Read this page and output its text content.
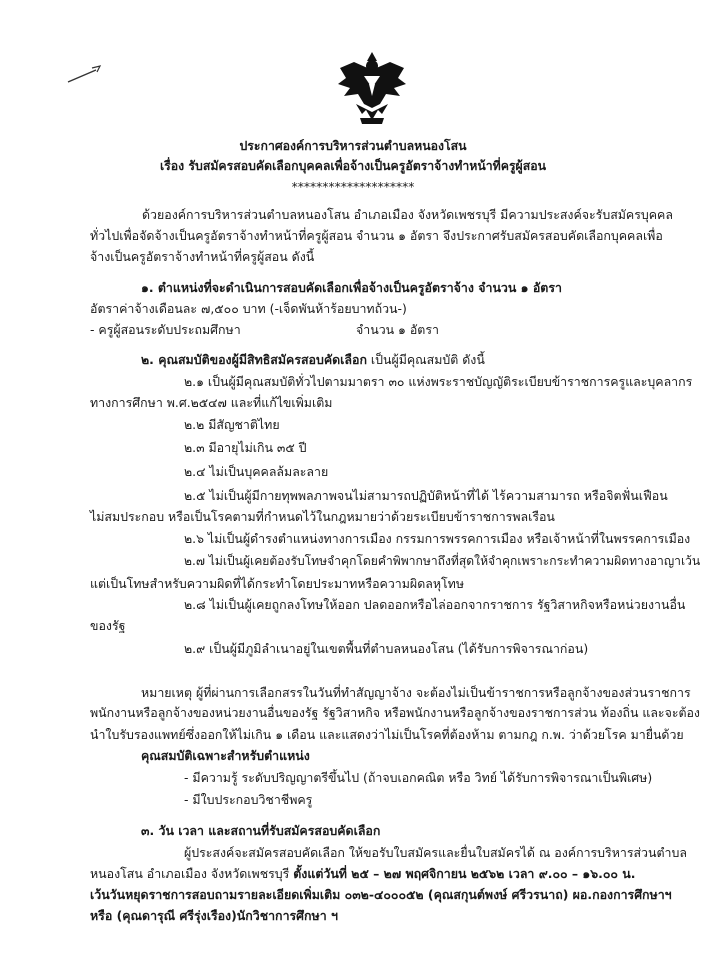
ประกาศองค์การบริหารส่วนตำบลหนองโสน
เรื่อง รับสมัครสอบคัดเลือกบุคคลเพื่อจ้างเป็นครูอัตราจ้างทำหน้าที่ครูผู้สอน
********************
ด้วยองค์การบริหารส่วนตำบลหนองโสน อำเภอเมือง จังหวัดเพชรบุรี มีความประสงค์จะรับสมัครบุคคล
ทั่วไปเพื่อจัดจ้างเป็นครูอัตราจ้างทำหน้าที่ครูผู้สอน จำนวน ๑ อัตรา จึงประกาศรับสมัครสอบคัดเลือกบุคคลเพื่อ
จ้างเป็นครูอัตราจ้างทำหน้าที่ครูผู้สอน ดังนี้
๑. ตำแหน่งที่จะดำเนินการสอบคัดเลือกเพื่อจ้างเป็นครูอัตราจ้าง จำนวน ๑ อัตรา
อัตราค่าจ้างเดือนละ ๗,๕๐๐ บาท (-เจ็ดพันห้าร้อยบาทถ้วน-)
- ครูผู้สอนระดับประถมศึกษา	จำนวน ๑ อัตรา
๒. คุณสมบัติของผู้มีสิทธิสมัครสอบคัดเลือก เป็นผู้มีคุณสมบัติ ดังนี้
๒.๑ เป็นผู้มีคุณสมบัติทั่วไปตามมาตรา ๓๐ แห่งพระราชบัญญัติระเบียบข้าราชการครูและบุคลากร
ทางการศึกษา พ.ศ.๒๕๔๗ และที่แก้ไขเพิ่มเติม
๒.๒ มีสัญชาติไทย
๒.๓ มีอายุไม่เกิน ๓๕ ปี
๒.๔ ไม่เป็นบุคคลล้มละลาย
๒.๕ ไม่เป็นผู้มีกายทุพพลภาพจนไม่สามารถปฏิบัติหน้าที่ได้ ไร้ความสามารถ หรือจิตฟั่นเฟือน
ไม่สมประกอบ หรือเป็นโรคตามที่กำหนดไว้ในกฎหมายว่าด้วยระเบียบข้าราชการพลเรือน
๒.๖ ไม่เป็นผู้ดำรงตำแหน่งทางการเมือง กรรมการพรรคการเมือง หรือเจ้าหน้าที่ในพรรคการเมือง
๒.๗ ไม่เป็นผู้เคยต้องรับโทษจำคุกโดยคำพิพากษาถึงที่สุดให้จำคุกเพราะกระทำความผิดทางอาญาเว้น
แต่เป็นโทษสำหรับความผิดที่ได้กระทำโดยประมาทหรือความผิดลหุโทษ
๒.๘ ไม่เป็นผู้เคยถูกลงโทษให้ออก ปลดออกหรือไล่ออกจากราชการ รัฐวิสาหกิจหรือหน่วยงานอื่น
ของรัฐ
๒.๙ เป็นผู้มีภูมิลำเนาอยู่ในเขตพื้นที่ตำบลหนองโสน (ได้รับการพิจารณาก่อน)
หมายเหตุ ผู้ที่ผ่านการเลือกสรรในวันที่ทำสัญญาจ้าง จะต้องไม่เป็นข้าราชการหรือลูกจ้างของส่วนราชการ
พนักงานหรือลูกจ้างของหน่วยงานอื่นของรัฐ รัฐวิสาหกิจ หรือพนักงานหรือลูกจ้างของราชการส่วน ท้องถิ่น และจะต้อง
นำใบรับรองแพทย์ซึ่งออกให้ไม่เกิน ๑ เดือน และแสดงว่าไม่เป็นโรคที่ต้องห้าม ตามกฎ ก.พ. ว่าด้วยโรค มายื่นด้วย
คุณสมบัติเฉพาะสำหรับตำแหน่ง
- มีความรู้ ระดับปริญญาตรีขึ้นไป (ถ้าจบเอกคณิต หรือ วิทย์ ได้รับการพิจารณาเป็นพิเศษ)
- มีใบประกอบวิชาชีพครู
๓. วัน เวลา และสถานที่รับสมัครสอบคัดเลือก
ผู้ประสงค์จะสมัครสอบคัดเลือก ให้ขอรับใบสมัครและยื่นใบสมัครได้ ณ องค์การบริหารส่วนตำบล
หนองโสน อำเภอเมือง จังหวัดเพชรบุรี ตั้งแต่วันที่ ๒๕ – ๒๗ พฤศจิกายน ๒๕๖๒ เวลา ๙.๐๐ – ๑๖.๐๐ น.
เว้นวันหยุดราชการสอบถามรายละเอียดเพิ่มเติม ๐๓๒-๔๐๐๐๕๒ (คุณสกุนต์พงษ์ ศรีวรนาถ) ผอ.กองการศึกษาฯ
หรือ (คุณดารุณี ศรีรุ่งเรือง)นักวิชาการศึกษา ฯ
